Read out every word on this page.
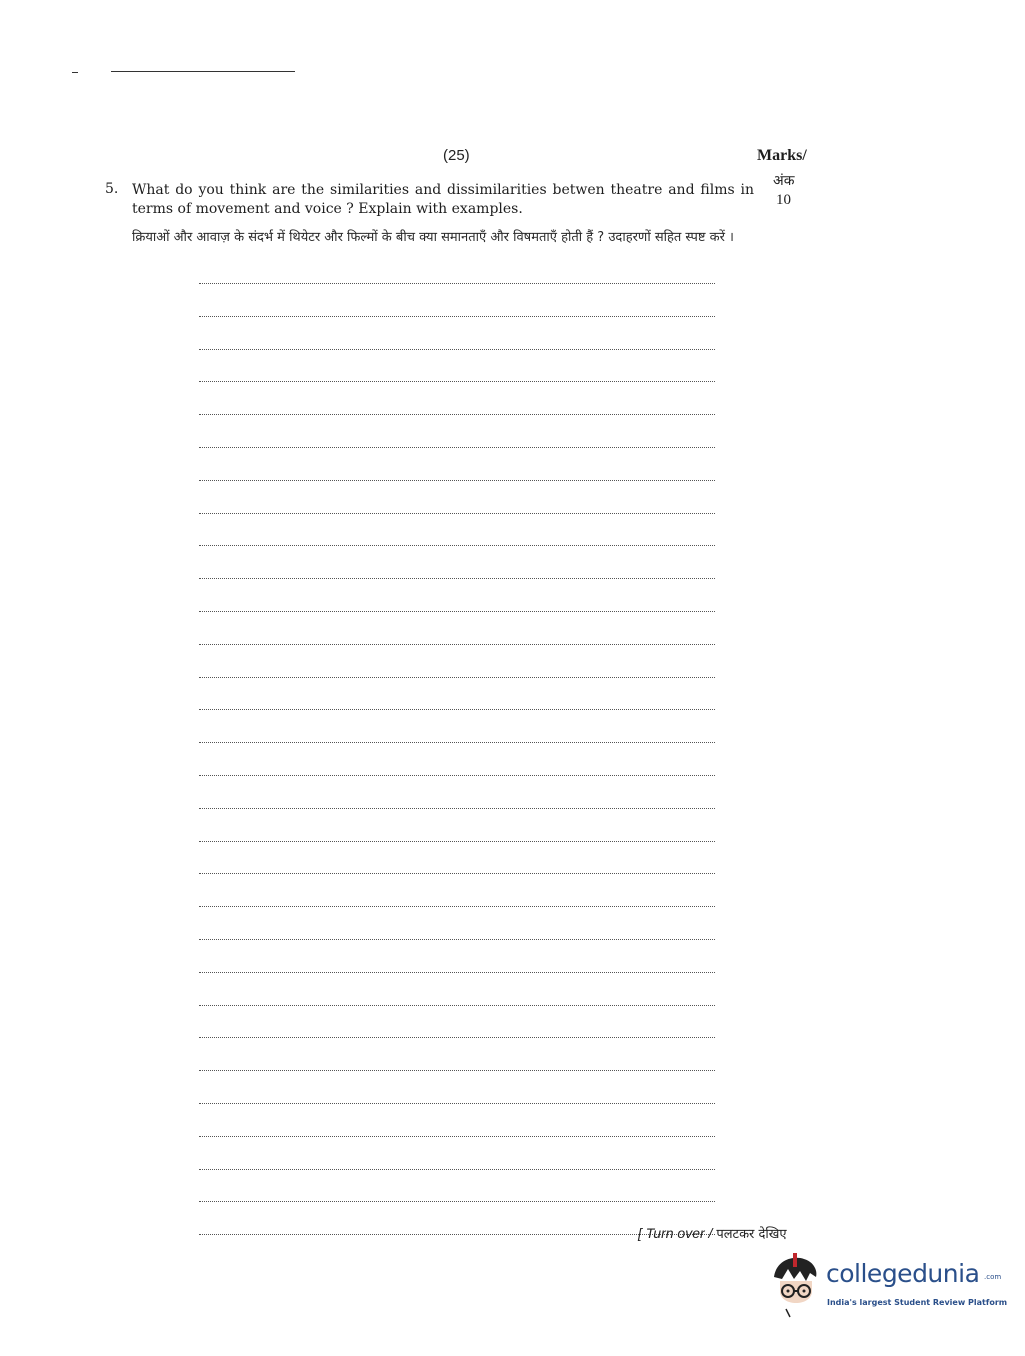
(25)	Marks/
अंक
10
5. What do you think are the similarities and dissimilarities betwen theatre and films in terms of movement and voice ? Explain with examples.
क्रियाओं और आवाज़ के संदर्भ में थियेटर और फिल्मों के बीच क्या समानताएँ और विषमताएँ होती हैं ? उदाहरणों सहित स्पष्ट करें ।
[ Turn over / पलटकर देखिए
collegedunia .com
India's largest Student Review Platform
